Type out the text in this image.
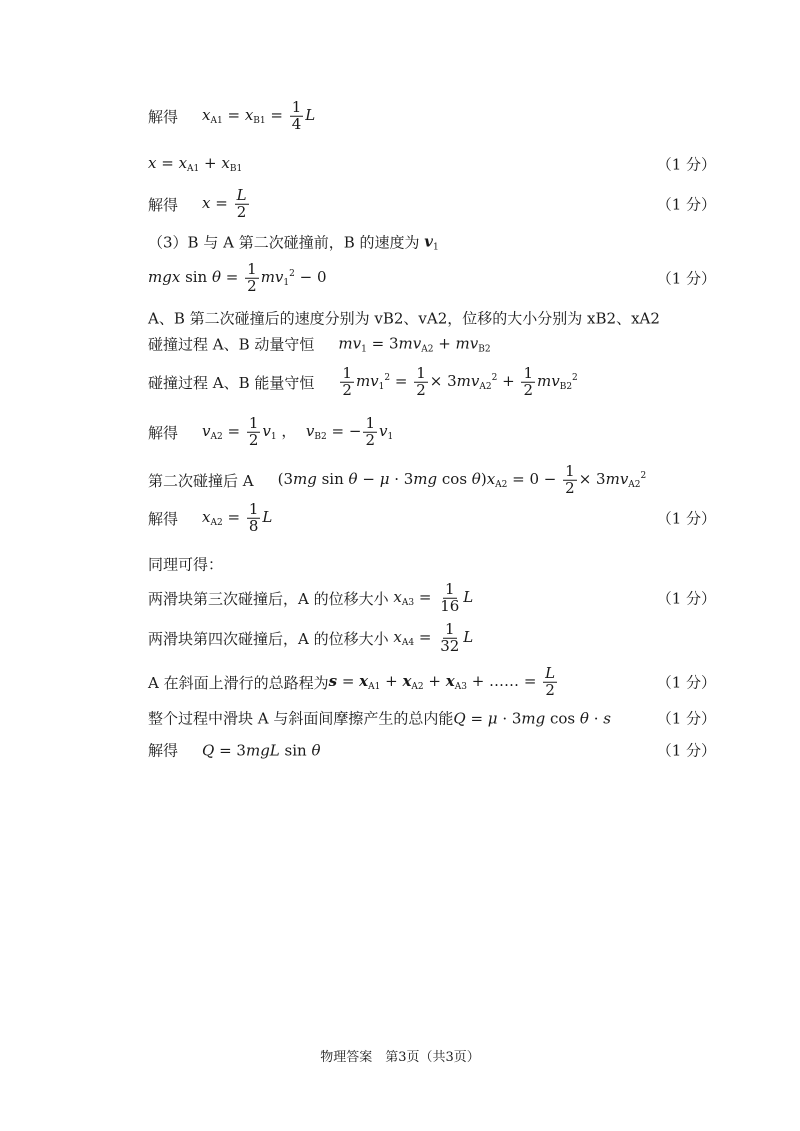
解得 $x_{A1} = x_{B1} = \frac{1}{4}$ L
$x = x_{A1} + x_{B1}$	（1 分）
解得 $x = \frac{L}{2}$	（1 分）
（3）B 与 A 第二次碰撞前，B 的速度为 $v_1$
mgx $\sin \theta = \frac{1}{2} mv_1^2 - 0$	（1 分）
A、B 第二次碰撞后的速度分别为 vB2、vA2，位移的大小分别为 xB2、xA2
碰撞过程 A、B 动量守恒 $mv_1 = 3mv_{A2} + mv_{B2}$
碰撞过程 A、B 能量守恒 $\frac{1}{2} mv_1^2 = \frac{1}{2} \times 3mv_{A2}^2 + \frac{1}{2} mv_{B2}^2$
解得 $v_{A2} = \frac{1}{2} v_1$ ，  $v_{B2}$ = − $\frac{1}{2} v_1$
第二次碰撞后 A (3mg sin θ − μ · 3mg $\cos \theta)x_{A2} = 0 - \frac{1}{2} \times 3mv_{A2}^2$
解得 $x_{A2} = \frac{1}{8}$ L	（1 分）
同理可得：
两滑块第三次碰撞后，A 的位移大小 $x_{A3} = \frac{1}{16}$ L	（1 分）
两滑块第四次碰撞后，A 的位移大小 $x_{A4} = \frac{1}{32}$ L
A 在斜面上滑行的总路程为 $s = x_{A1} + x_{A2} + x_{A3}$ + …… = $\frac{L}{2}$	（1 分）
整个过程中滑块 A 与斜面间摩擦产生的总内能 Q = μ · 3mg cos θ · s	（1 分）
解得 Q = 3mgL sin θ	（1 分）
物理答案　第3页（共3页）
